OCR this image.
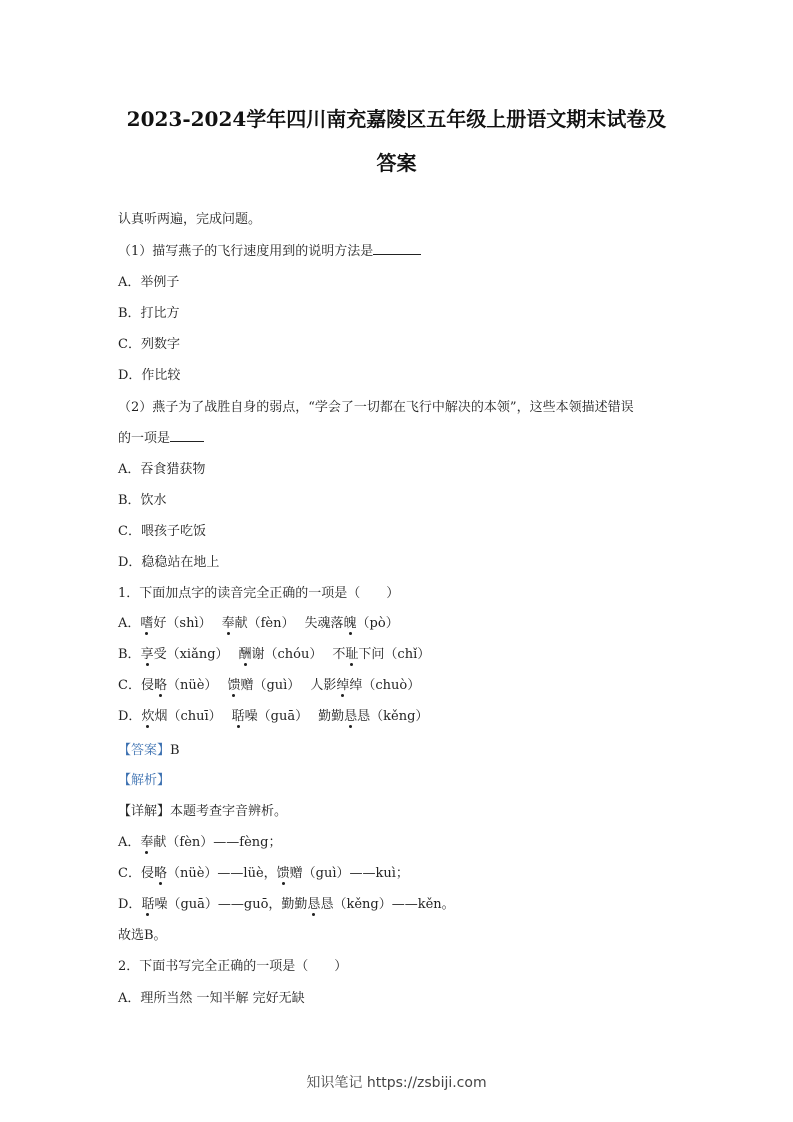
2023-2024学年四川南充嘉陵区五年级上册语文期末试卷及
答案
认真听两遍，完成问题。
（1）描写燕子的飞行速度用到的说明方法是
A．举例子
B．打比方
C．列数字
D．作比较
（2）燕子为了战胜自身的弱点，“学会了一切都在飞行中解决的本领”，这些本领描述错误
的一项是
A．吞食猎获物
B．饮水
C．喂孩子吃饭
D．稳稳站在地上
1．下面加点字的读音完全正确的一项是（　　）
A．嗜好（shì） 奉献（fèn） 失魂落魄（pò）
B．享受（xiǎng） 酬谢（chóu） 不耻下问（chǐ）
C．侵略（nüè） 馈赠（guì） 人影绰绰（chuò）
D．炊烟（chuī） 聒噪（guā） 勤勤恳恳（kěng）
【答案】B
【解析】
【详解】本题考查字音辨析。
A．奉献（fèn）——fèng；
C．侵略（nüè）——lüè，馈赠（guì）——kuì；
D．聒噪（guā）——guō，勤勤恳恳（kěng）——kěn。
故选B。
2．下面书写完全正确的一项是（　　）
A．理所当然 一知半解 完好无缺
知识笔记 https://zsbiji.com
